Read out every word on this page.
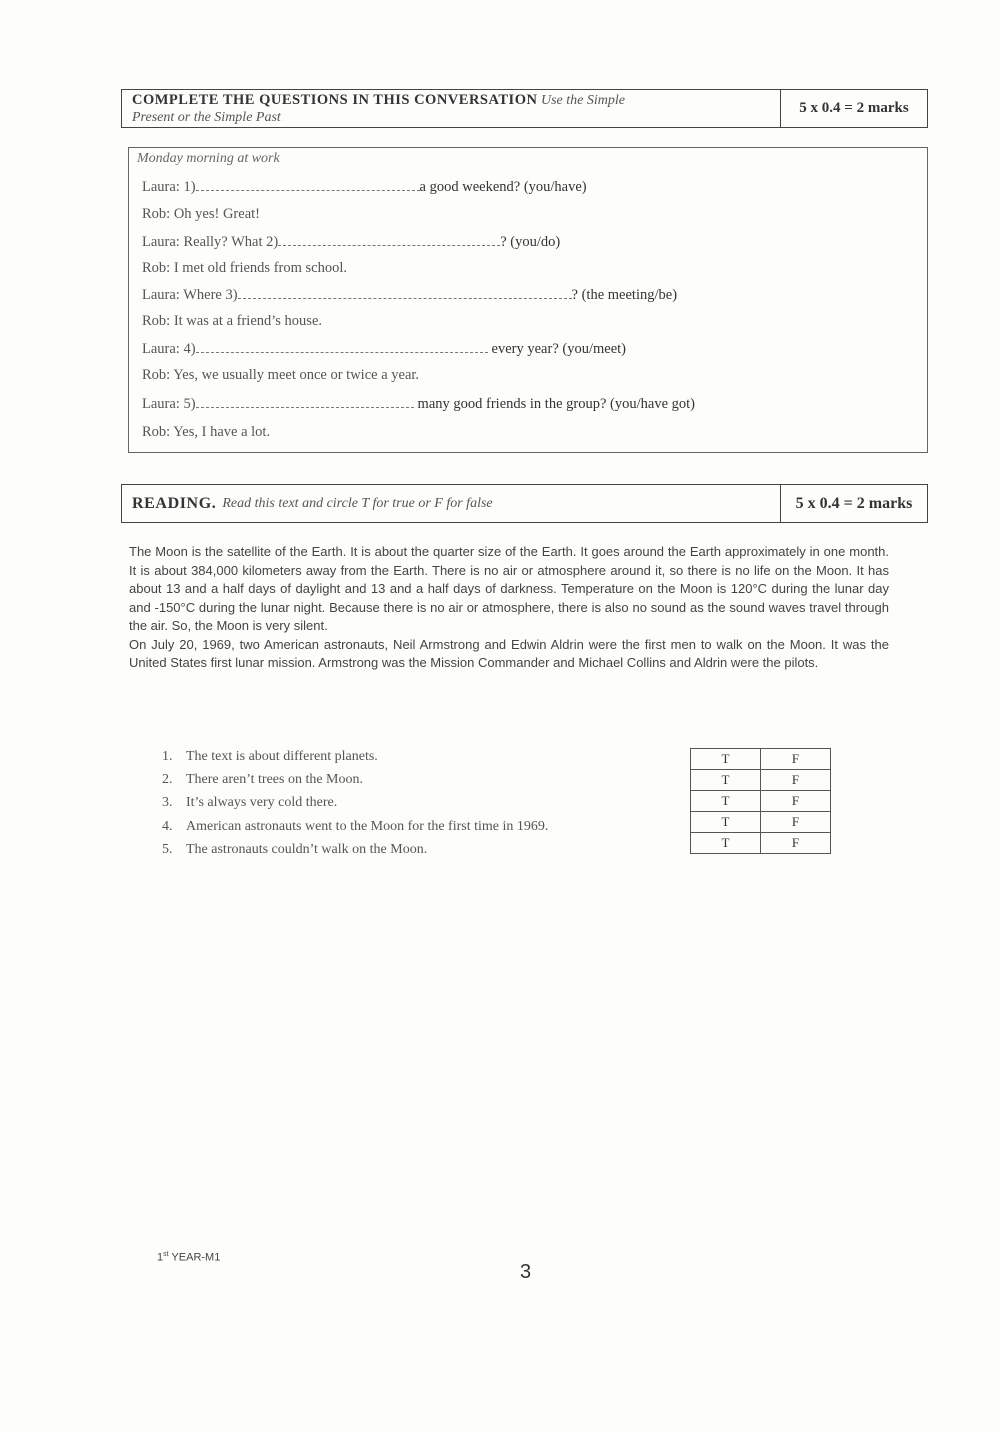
COMPLETE THE QUESTIONS IN THIS CONVERSATION Use the Simple
Present or the Simple Past
5 x 0.4 = 2 marks
Monday morning at work
Laura: 1)	a good weekend? (you/have)
Rob: Oh yes! Great!
Laura: Really? What 2)	? (you/do)
Rob: I met old friends from school.
Laura: Where 3)	? (the meeting/be)
Rob: It was at a friend’s house.
Laura: 4)	every year? (you/meet)
Rob: Yes, we usually meet once or twice a year.
Laura: 5)	many good friends in the group? (you/have got)
Rob: Yes, I have a lot.
READING. Read this text and circle T for true or F for false	5 x 0.4 = 2 marks

The Moon is the satellite of the Earth. It is about the quarter size of the Earth. It goes around the Earth approximately in one month. It is about 384,000 kilometers away from the Earth. There is no air or atmosphere around it, so there is no life on the Moon. It has about 13 and a half days of daylight and 13 and a half days of darkness. Temperature on the Moon is 120°C during the lunar day and -150°C during the lunar night. Because there is no air or atmosphere, there is also no sound as the sound waves travel through the air. So, the Moon is very silent.

On July 20, 1969, two American astronauts, Neil Armstrong and Edwin Aldrin were the first men to walk on the Moon. It was the United States first lunar mission. Armstrong was the Mission Commander and Michael Collins and Aldrin were the pilots.

1. The text is about different planets.
2. There aren’t trees on the Moon.
3. It’s always very cold there.
4. American astronauts went to the Moon for the first time in 1969.
5. The astronauts couldn’t walk on the Moon.
T	F
T	F
T	F
T	F
T	F
1st YEAR-M1
3
